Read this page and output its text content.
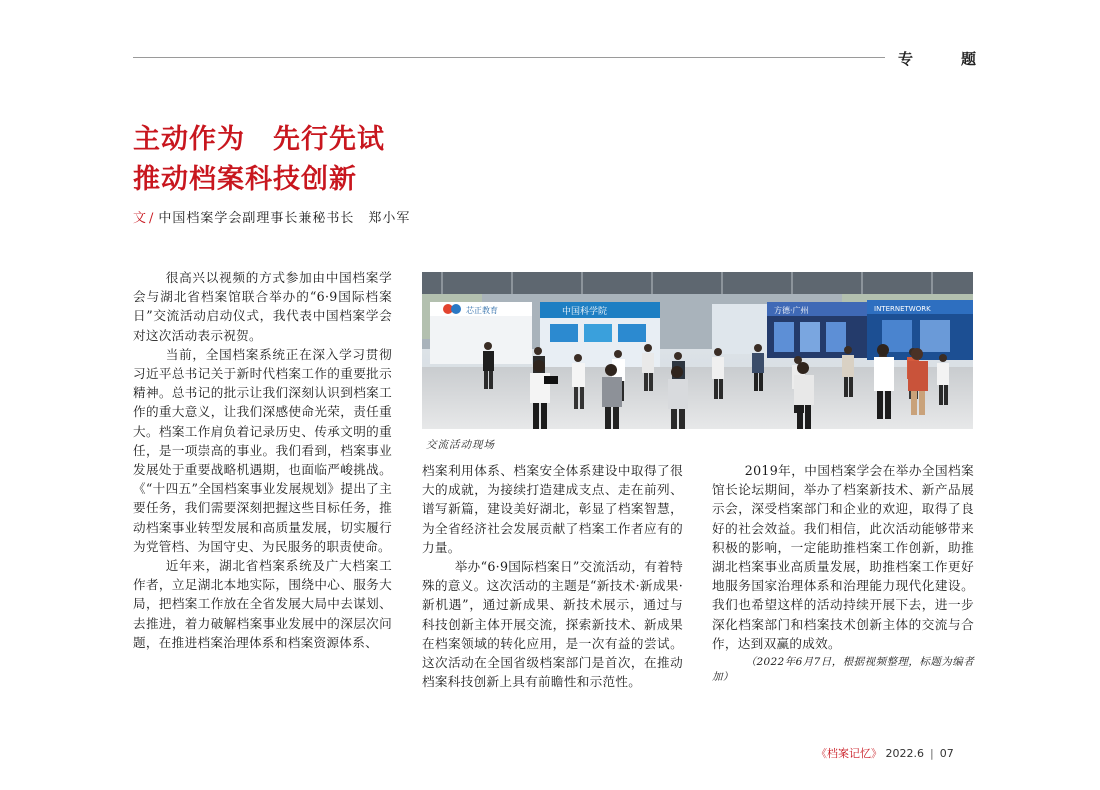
专	题
主动作为　先行先试
推动档案科技创新
文 / 中国档案学会副理事长兼秘书长 郑小军

很高兴以视频的方式参加由中国档案学会与湖北省档案馆联合举办的“6·9国际档案日”交流活动启动仪式，我代表中国档案学会对这次活动表示祝贺。

当前，全国档案系统正在深入学习贯彻习近平总书记关于新时代档案工作的重要批示精神。总书记的批示让我们深刻认识到档案工作的重大意义，让我们深感使命光荣，责任重大。档案工作肩负着记录历史、传承文明的重任，是一项崇高的事业。我们看到，档案事业发展处于重要战略机遇期，也面临严峻挑战。《“十四五”全国档案事业发展规划》提出了主要任务，我们需要深刻把握这些目标任务，推动档案事业转型发展和高质量发展，切实履行为党管档、为国守史、为民服务的职责使命。

近年来，湖北省档案系统及广大档案工作者，立足湖北本地实际，围绕中心、服务大局，把档案工作放在全省发展大局中去谋划、去推进，着力破解档案事业发展中的深层次问题，在推进档案治理体系和档案资源体系、

芯正教育	中国科学院	方德·广州	INTERNETWORK
交流活动现场

档案利用体系、档案安全体系建设中取得了很大的成就，为接续打造建成支点、走在前列、谱写新篇，建设美好湖北，彰显了档案智慧，为全省经济社会发展贡献了档案工作者应有的力量。

举办“6·9国际档案日”交流活动，有着特殊的意义。这次活动的主题是“新技术·新成果·新机遇”，通过新成果、新技术展示，通过与科技创新主体开展交流，探索新技术、新成果在档案领域的转化应用，是一次有益的尝试。这次活动在全国省级档案部门是首次，在推动档案科技创新上具有前瞻性和示范性。

2019年，中国档案学会在举办全国档案馆长论坛期间，举办了档案新技术、新产品展示会，深受档案部门和企业的欢迎，取得了良好的社会效益。我们相信，此次活动能够带来积极的影响，一定能助推档案工作创新，助推湖北档案事业高质量发展，助推档案工作更好地服务国家治理体系和治理能力现代化建设。我们也希望这样的活动持续开展下去，进一步深化档案部门和档案技术创新主体的交流与合作，达到双赢的成效。

（2022年6月7日，根据视频整理，标题为编者加）

《档案记忆》 2022.6 | 07
